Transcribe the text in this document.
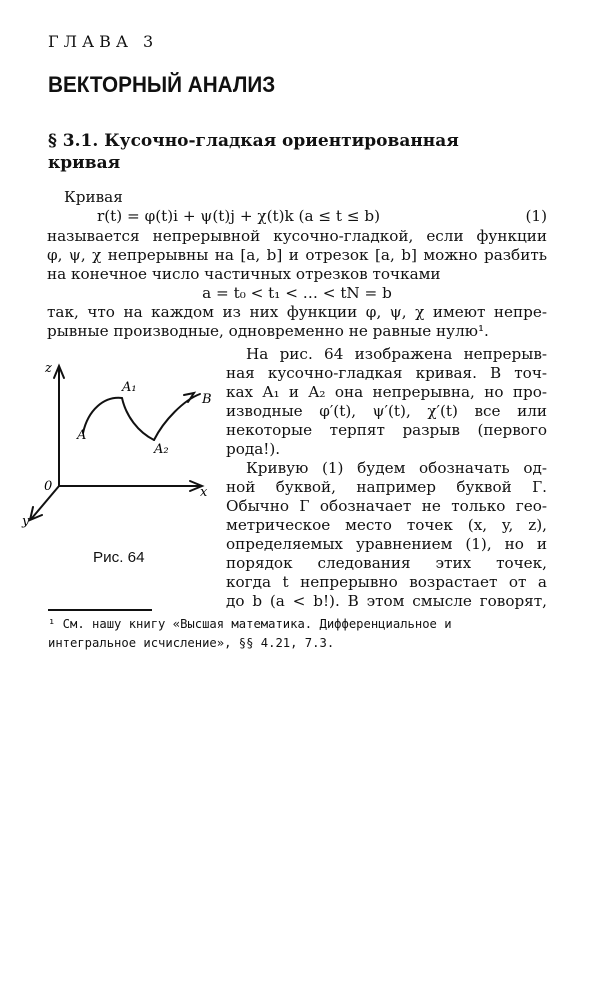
ГЛАВА 3
ВЕКТОРНЫЙ АНАЛИЗ
§ 3.1. Кусочно-гладкая ориентированная
кривая
Кривая
r(t) = φ(t)i + ψ(t)j + χ(t)k (a ≤ t ≤ b)	(1)
называется непрерывной кусочно-гладкой, если функции
φ, ψ, χ непрерывны на [a, b] и отрезок [a, b] можно разбить
на конечное число частичных отрезков точками
a = t₀ < t₁ < … < tN = b
так, что на каждом из них функции φ, ψ, χ имеют непре-
рывные производные, одновременно не равные нулю¹.
На рис. 64 изображена непрерыв-
ная кусочно-гладкая кривая. В точ-
ках A₁ и A₂ она непрерывна, но про-
изводные φ′(t), ψ′(t), χ′(t) все или
некоторые терпят разрыв (первого
рода!).
Кривую (1) будем обозначать од-
ной буквой, например буквой Г.
Обычно Г обозначает не только гео-
метрическое место точек (x, y, z),
определяемых уравнением (1), но и
порядок следования этих точек,
когда t непрерывно возрастает от a
до b (a < b!). В этом смысле говорят,
z
0	x
y
A
A₁
A₂
B
Рис. 64
¹ См. нашу книгу «Высшая математика. Дифференциальное и
интегральное исчисление», §§ 4.21, 7.3.
